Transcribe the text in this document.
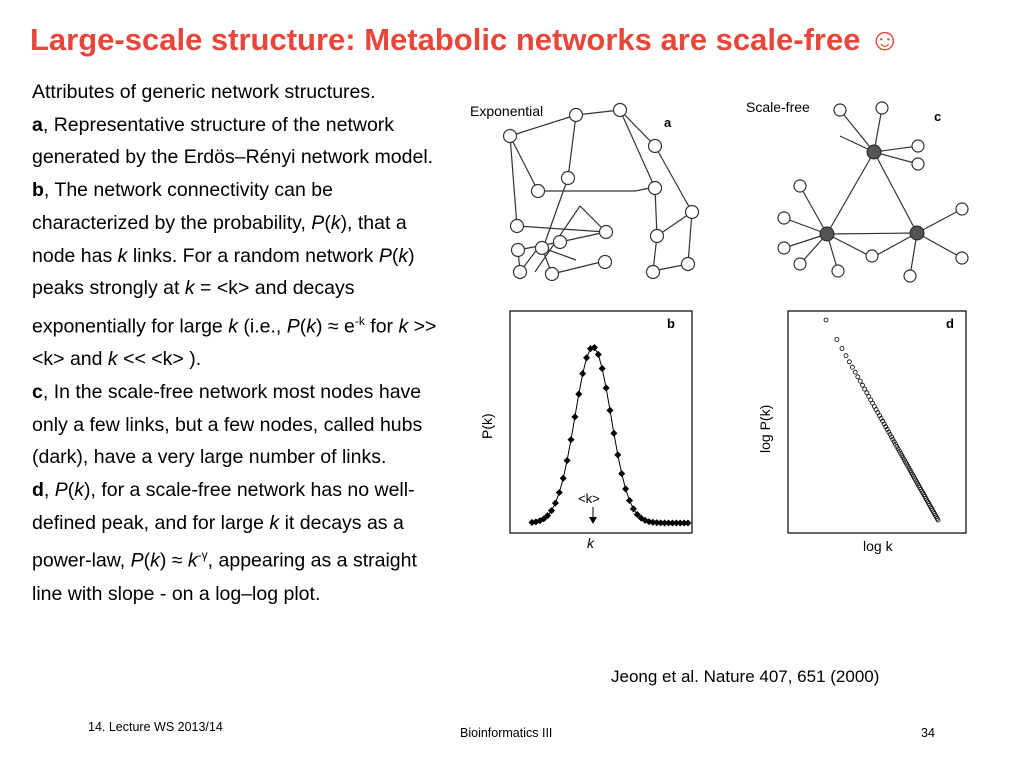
Large-scale structure: Metabolic networks are scale-free ☺

Attributes of generic network structures.

a, Representative structure of the network generated by the Erdös–Rényi network model. b, The network connectivity can be characterized by the probability, P(k), that a node has k links. For a random network P(k) peaks strongly at k = <k> and decays exponentially for large k (i.e., $P(k) \approx e^{-k}$ for k >> <k> and k << <k> ).

c, In the scale-free network most nodes have only a few links, but a few nodes, called hubs (dark), have a very large number of links.

d, P(k), for a scale-free network has no well-defined peak, and for large k it decays as a power-law, $P(k) \approx k^{-\gamma}$, appearing as a straight line with slope - on a log–log plot.

Exponential
a
Scale-free
c
b
P(k)
k
<k>
d
log P(k)
log k
Jeong et al. Nature 407, 651 (2000)
14. Lecture WS 2013/14	Bioinformatics III	34
